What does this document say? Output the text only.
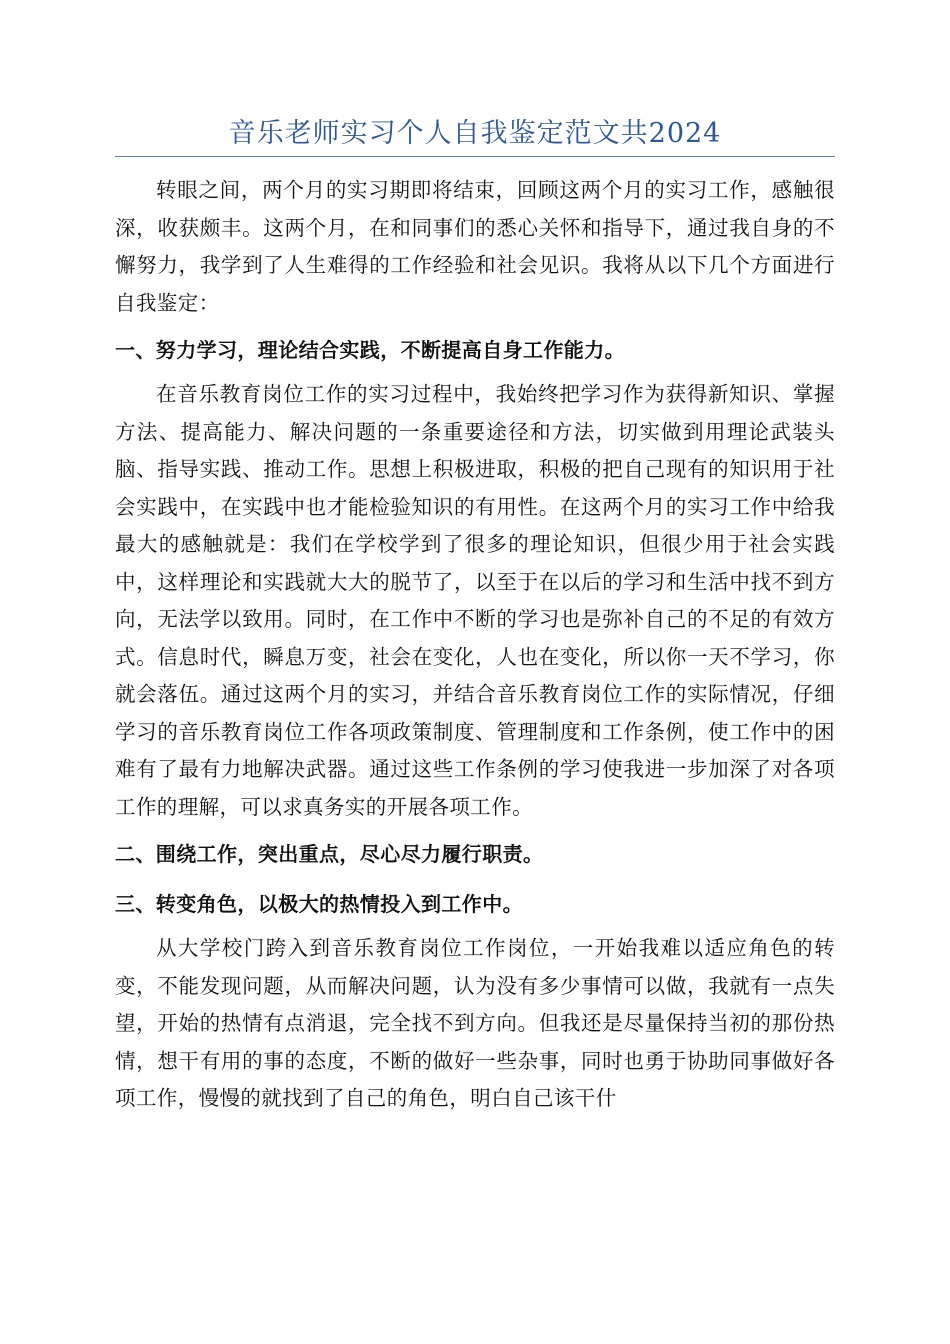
音乐老师实习个人自我鉴定范文共2024

转眼之间，两个月的实习期即将结束，回顾这两个月的实习工作，感触很深，收获颇丰。这两个月，在和同事们的悉心关怀和指导下，通过我自身的不懈努力，我学到了人生难得的工作经验和社会见识。我将从以下几个方面进行自我鉴定：

一、努力学习，理论结合实践，不断提高自身工作能力。

在音乐教育岗位工作的实习过程中，我始终把学习作为获得新知识、掌握方法、提高能力、解决问题的一条重要途径和方法，切实做到用理论武装头脑、指导实践、推动工作。思想上积极进取，积极的把自己现有的知识用于社会实践中，在实践中也才能检验知识的有用性。在这两个月的实习工作中给我最大的感触就是：我们在学校学到了很多的理论知识，但很少用于社会实践中，这样理论和实践就大大的脱节了，以至于在以后的学习和生活中找不到方向，无法学以致用。同时，在工作中不断的学习也是弥补自己的不足的有效方式。信息时代，瞬息万变，社会在变化，人也在变化，所以你一天不学习，你就会落伍。通过这两个月的实习，并结合音乐教育岗位工作的实际情况，仔细学习的音乐教育岗位工作各项政策制度、管理制度和工作条例，使工作中的困难有了最有力地解决武器。通过这些工作条例的学习使我进一步加深了对各项工作的理解，可以求真务实的开展各项工作。

二、围绕工作，突出重点，尽心尽力履行职责。

三、转变角色，以极大的热情投入到工作中。

从大学校门跨入到音乐教育岗位工作岗位，一开始我难以适应角色的转变，不能发现问题，从而解决问题，认为没有多少事情可以做，我就有一点失望，开始的热情有点消退，完全找不到方向。但我还是尽量保持当初的那份热情，想干有用的事的态度，不断的做好一些杂事，同时也勇于协助同事做好各项工作，慢慢的就找到了自己的角色，明白自己该干什
